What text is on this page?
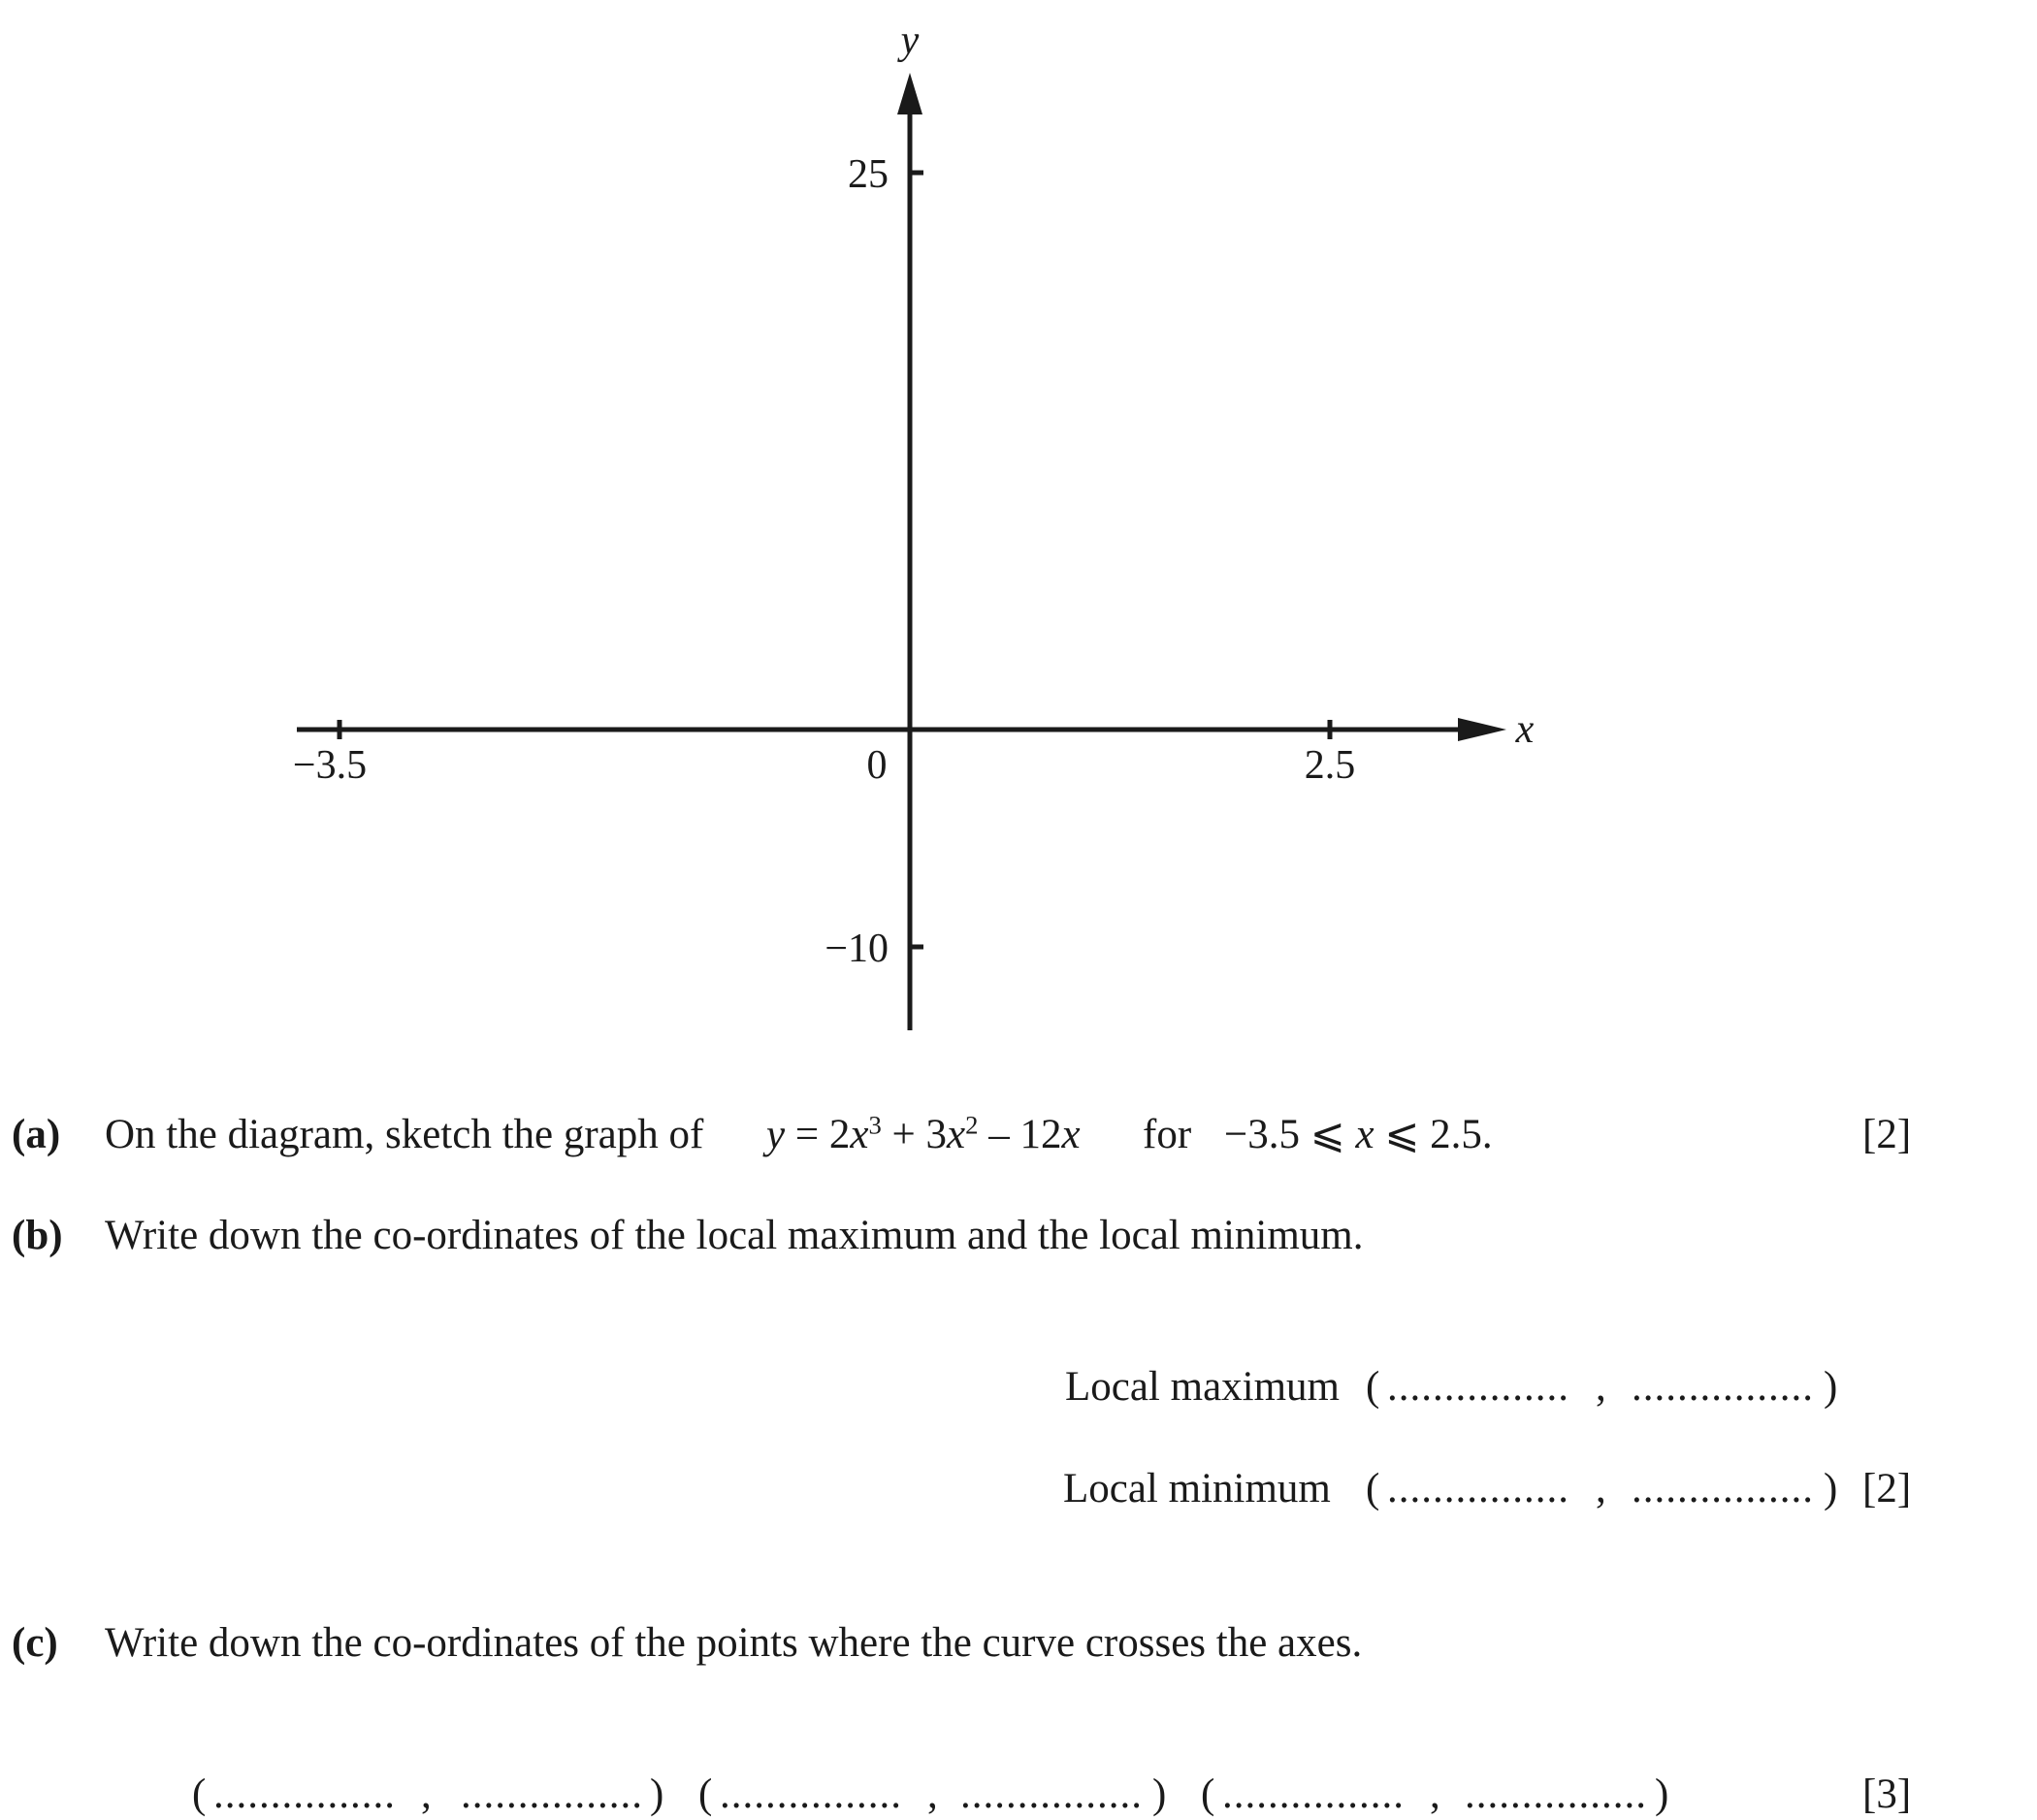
y
x
25
−10
−3.5	2.5
0
(a) On the diagram, sketch the graph of $y = 2x^3 + 3x^2 - 12x$ for −3.5 ⩽ x ⩽ 2.5.	[2]
(b) Write down the co-ordinates of the local maximum and the local minimum.
Local maximum ( ................ , ................ )
Local minimum ( ................ , ................ ) [2]
(c) Write down the co-ordinates of the points where the curve crosses the axes.
( ................ , ................ ) ( ................ , ................ ) ( ................ , ................ )	[3]
